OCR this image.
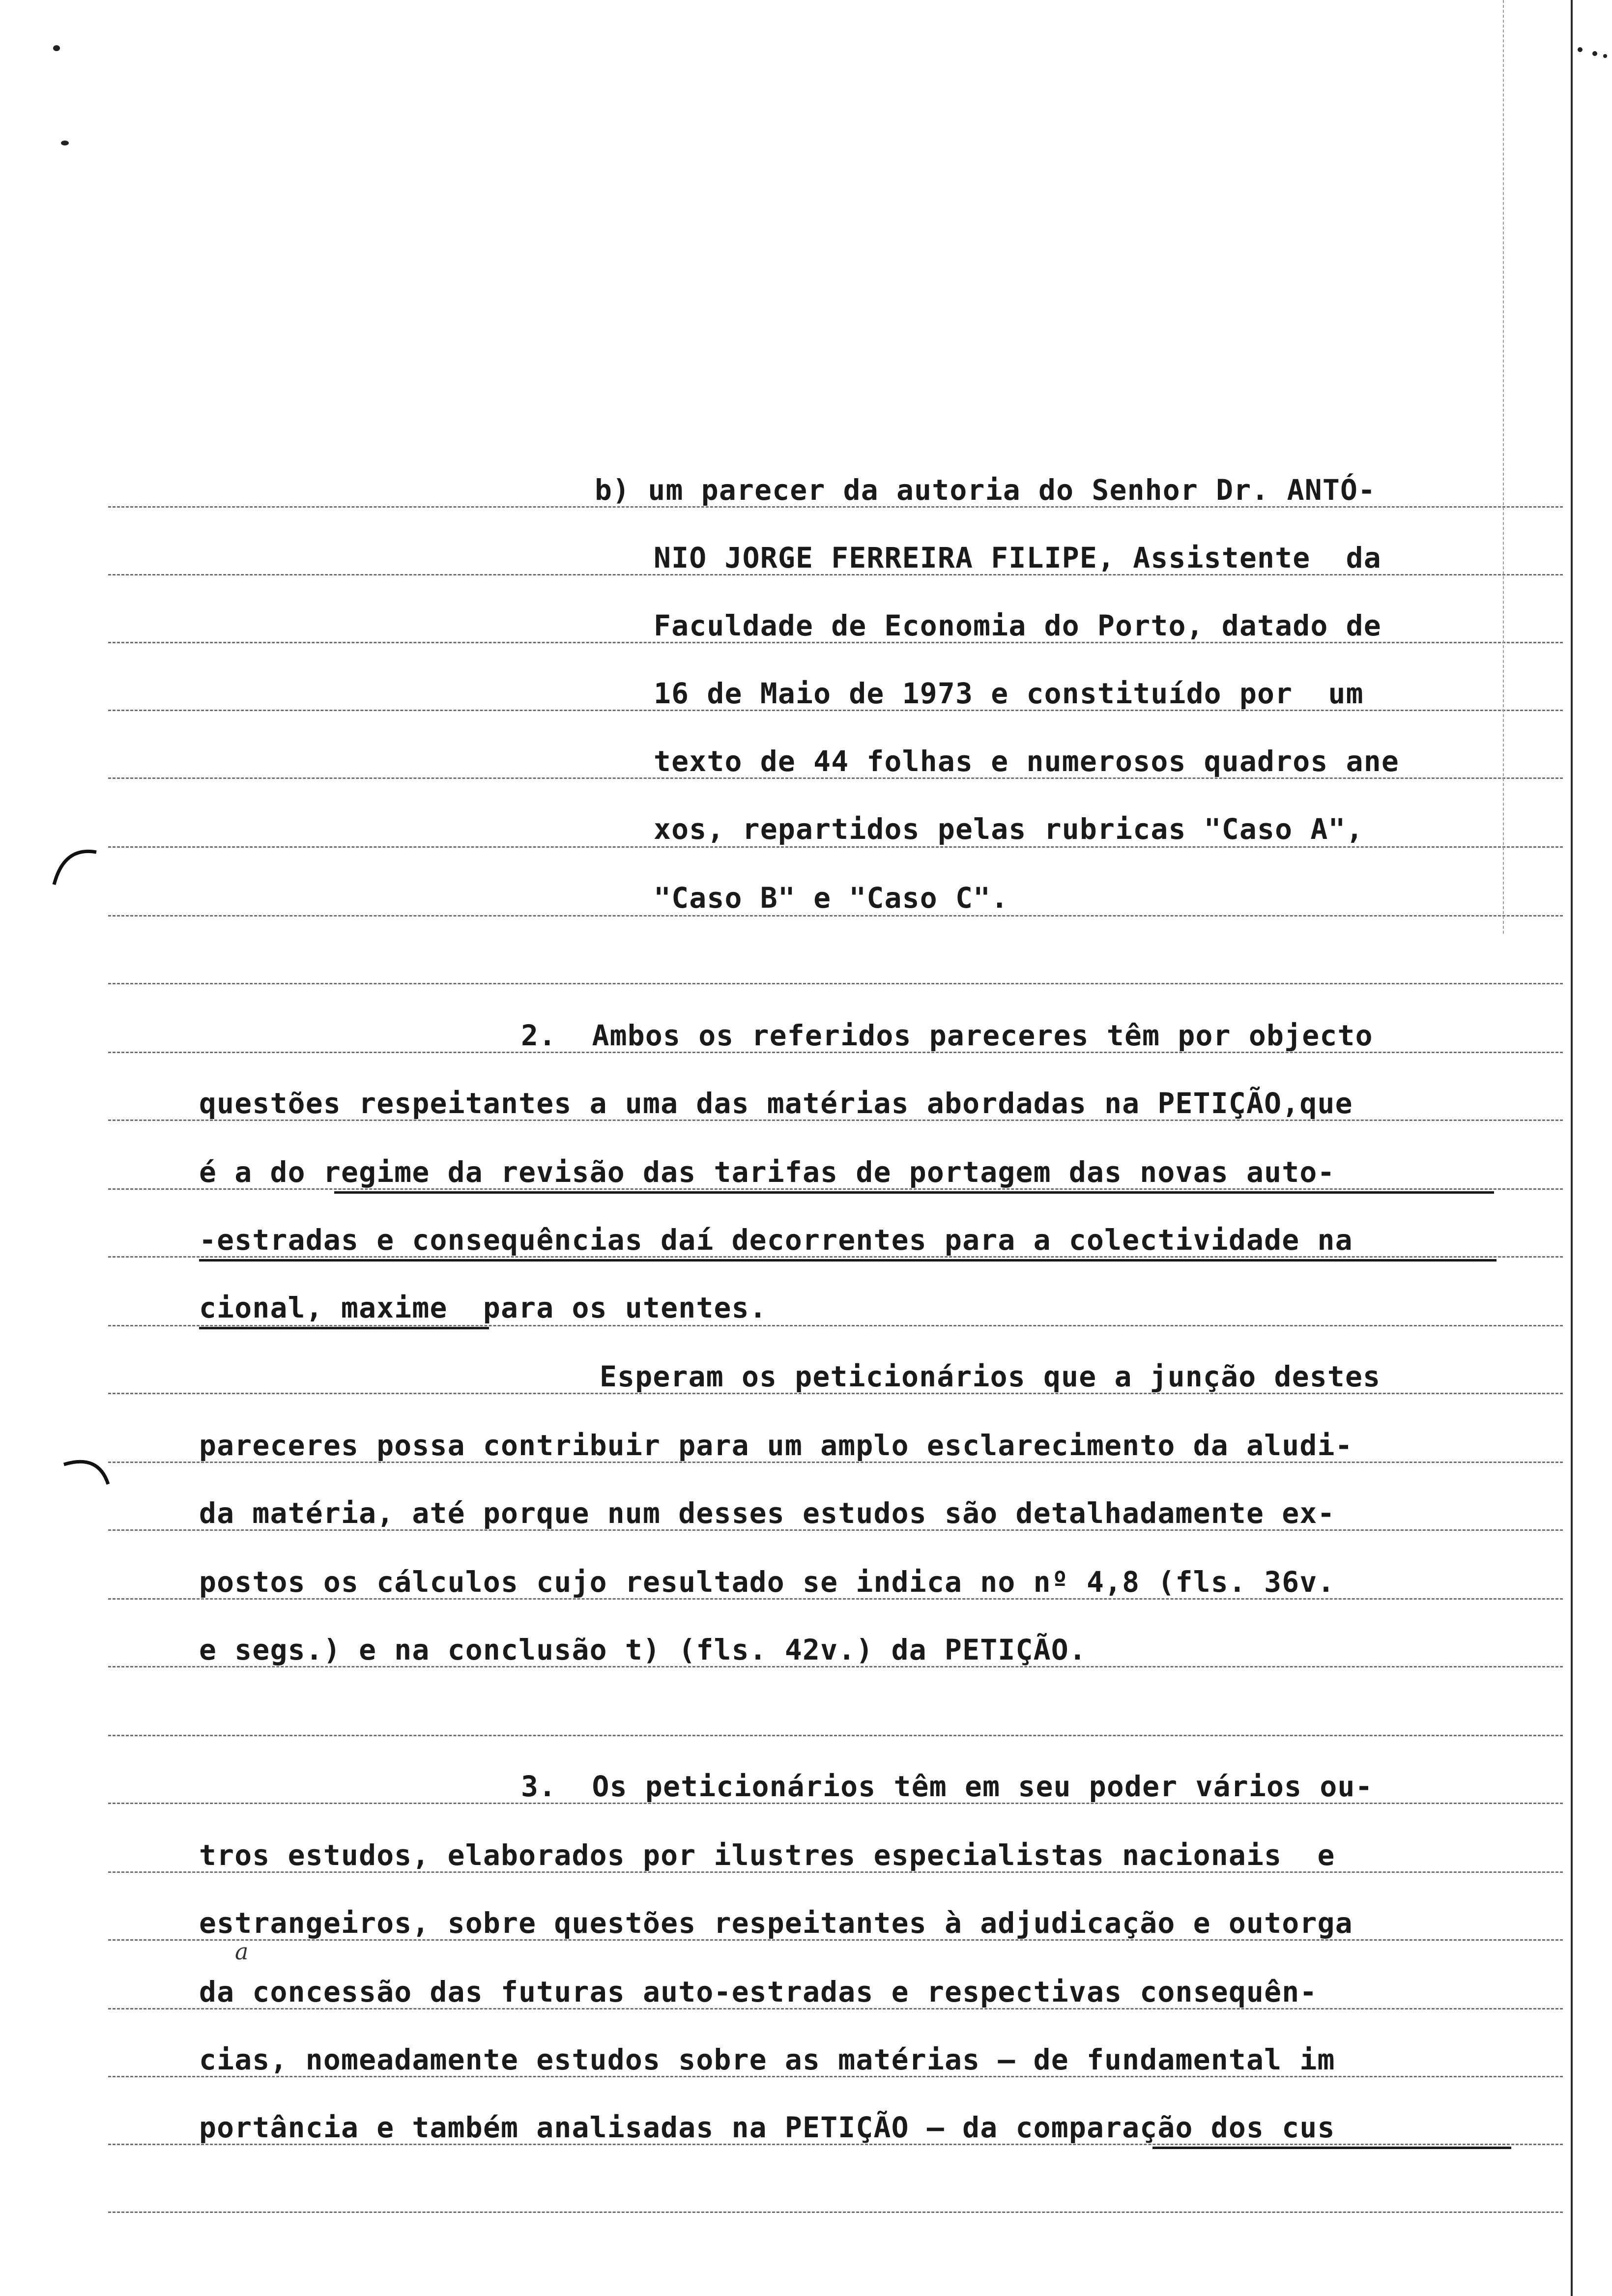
b) um parecer da autoria do Senhor Dr. ANTÓ-
NIO JORGE FERREIRA FILIPE, Assistente  da
Faculdade de Economia do Porto, datado de
16 de Maio de 1973 e constituído por  um
texto de 44 folhas e numerosos quadros ane
xos, repartidos pelas rubricas "Caso A",
"Caso B" e "Caso C".
2.  Ambos os referidos pareceres têm por objecto
questões respeitantes a uma das matérias abordadas na PETIÇÃO,que
é a do regime da revisão das tarifas de portagem das novas auto-
-estradas e consequências daí decorrentes para a colectividade na
cional, maxime  para os utentes.
Esperam os peticionários que a junção destes
pareceres possa contribuir para um amplo esclarecimento da aludi-
da matéria, até porque num desses estudos são detalhadamente ex-
postos os cálculos cujo resultado se indica no nº 4,8 (fls. 36v.
e segs.) e na conclusão t) (fls. 42v.) da PETIÇÃO.
3.  Os peticionários têm em seu poder vários ou-
tros estudos, elaborados por ilustres especialistas nacionais  e
estrangeiros, sobre questões respeitantes à adjudicação e outorga
a
da concessão das futuras auto-estradas e respectivas consequên-
cias, nomeadamente estudos sobre as matérias — de fundamental im
portância e também analisadas na PETIÇÃO — da comparação dos cus
